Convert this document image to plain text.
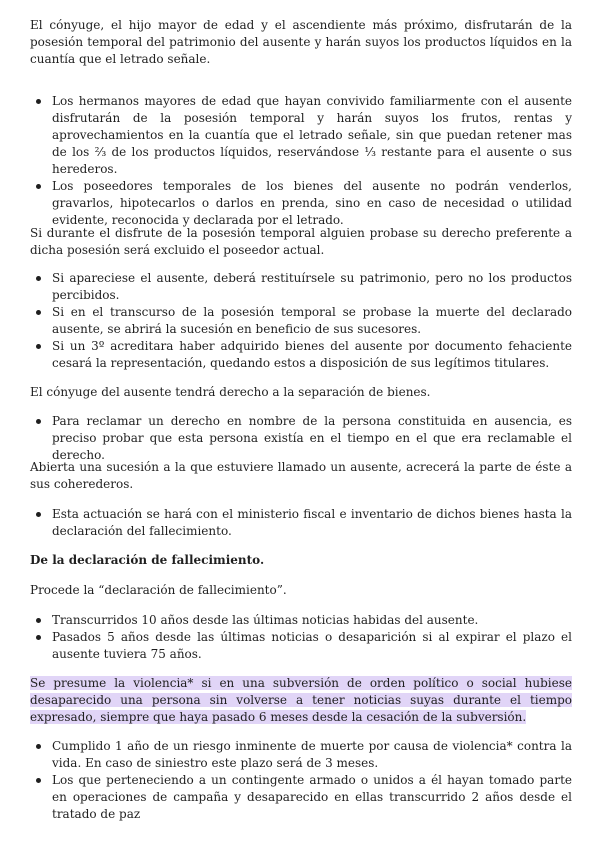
El cónyuge, el hijo mayor de edad y el ascendiente más próximo, disfrutarán de la posesión temporal del patrimonio del ausente y harán suyos los productos líquidos en la cuantía que el letrado señale.

Los hermanos mayores de edad que hayan convivido familiarmente con el ausente disfrutarán de la posesión temporal y harán suyos los frutos, rentas y aprovechamientos en la cuantía que el letrado señale, sin que puedan retener mas de los ⅔ de los productos líquidos, reservándose ⅓ restante para el ausente o sus herederos.
Los poseedores temporales de los bienes del ausente no podrán venderlos, gravarlos, hipotecarlos o darlos en prenda, sino en caso de necesidad o utilidad evidente, reconocida y declarada por el letrado.

Si durante el disfrute de la posesión temporal alguien probase su derecho preferente a dicha posesión será excluido el poseedor actual.

Si apareciese el ausente, deberá restituírsele su patrimonio, pero no los productos percibidos.
Si en el transcurso de la posesión temporal se probase la muerte del declarado ausente, se abrirá la sucesión en beneficio de sus sucesores.
Si un 3º acreditara haber adquirido bienes del ausente por documento fehaciente cesará la representación, quedando estos a disposición de sus legítimos titulares.

El cónyuge del ausente tendrá derecho a la separación de bienes.

Para reclamar un derecho en nombre de la persona constituida en ausencia, es preciso probar que esta persona existía en el tiempo en el que era reclamable el derecho.

Abierta una sucesión a la que estuviere llamado un ausente, acrecerá la parte de éste a sus coherederos.

Esta actuación se hará con el ministerio fiscal e inventario de dichos bienes hasta la declaración del fallecimiento.

De la declaración de fallecimiento.

Procede la “declaración de fallecimiento”.

Transcurridos 10 años desde las últimas noticias habidas del ausente.
Pasados 5 años desde las últimas noticias o desaparición si al expirar el plazo el ausente tuviera 75 años.

Se presume la violencia* si en una subversión de orden político o social hubiese desaparecido una persona sin volverse a tener noticias suyas durante el tiempo expresado, siempre que haya pasado 6 meses desde la cesación de la subversión.

Cumplido 1 año de un riesgo inminente de muerte por causa de violencia* contra la vida. En caso de siniestro este plazo será de 3 meses.
Los que perteneciendo a un contingente armado o unidos a él hayan tomado parte en operaciones de campaña y desaparecido en ellas transcurrido 2 años desde el tratado de paz
